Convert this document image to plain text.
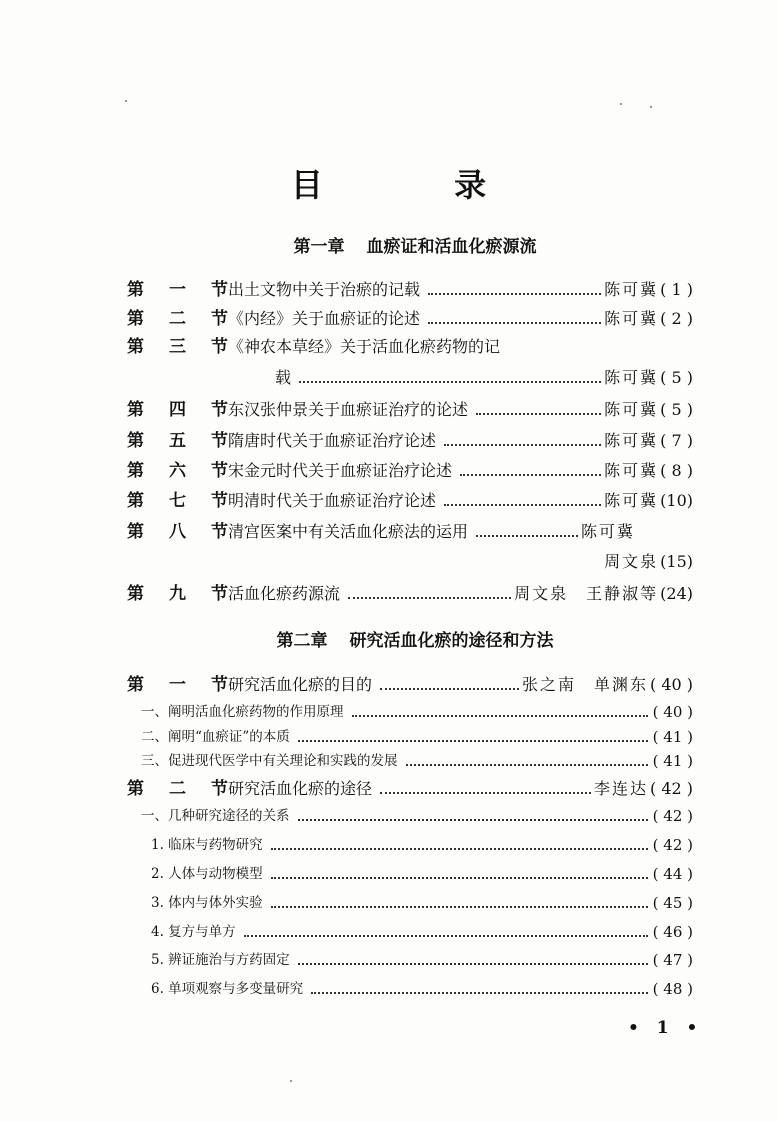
目 录
第一章 血瘀证和活血化瘀源流
第二章 研究活血化瘀的途径和方法
第 一 节 出土文物中关于治瘀的记载	陈可冀 ( 1 )
第 二 节 《内经》关于血瘀证的论述	陈可冀 ( 2 )
第 三 节 《神农本草经》关于活血化瘀药物的记
载	陈可冀 ( 5 )
第 四 节 东汉张仲景关于血瘀证治疗的论述	陈可冀 ( 5 )
第 五 节 隋唐时代关于血瘀证治疗论述	陈可冀 ( 7 )
第 六 节 宋金元时代关于血瘀证治疗论述	陈可冀 ( 8 )
第 七 节 明清时代关于血瘀证治疗论述	陈可冀 (10)
第 八 节 清宫医案中有关活血化瘀法的运用	陈可冀
周文泉 (15)
第 九 节 活血化瘀药源流	周文泉　王静淑等 (24)
第 一 节 研究活血化瘀的目的	张之南　单渊东 ( 40 )
一、阐明活血化瘀药物的作用原理	( 40 )
二、阐明“血瘀证”的本质	( 41 )
三、促进现代医学中有关理论和实践的发展	( 41 )
第 二 节 研究活血化瘀的途径	李连达 ( 42 )
一、几种研究途径的关系	( 42 )
1. 临床与药物研究	( 42 )
2. 人体与动物模型	( 44 )
3. 体内与体外实验	( 45 )
4. 复方与单方	( 46 )
5. 辨证施治与方药固定	( 47 )
6. 单项观察与多变量研究	( 48 )
• 1 •
